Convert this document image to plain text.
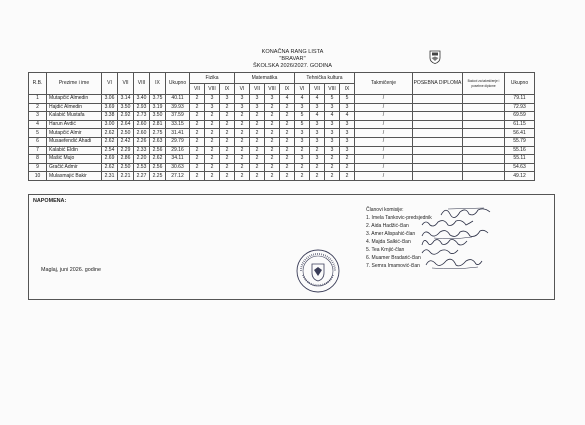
KONAČNA RANG LISTA
"BRAVAR"
ŠKOLSKA 2026/2027. GODINA
R.B.	Prezime i ime	VI	VII	VIII	IX	Ukupno	Fizika			Matematika				Tehnička kultura				Takmičenje	POSEBNA DIPLOMA	Bodovi za takmičenje i posebne diplome	Ukupno
							VII	VIII	IX	VI	VII	VIII	IX	VI	VII	VIII	IX				
1	Mutapčić Almedin	3.06	3.14	3.40	3.75	40.11	2	3	3	3	3	3	4	4	4	5	5	/			79.11
2	Hajdić Almedin	3.69	3.50	2.93	3.19	39.93	2	3	2	3	3	2	2	3	3	3	3	/			72.93
3	Kalabić Mustafa	3.38	2.92	2.73	3.50	37.59	2	2	2	2	2	2	2	5	4	4	4	/			69.59
4	Harun Avdić	3.00	2.64	2.60	2.81	33.15	2	2	2	2	2	2	2	5	3	3	3	/			61.15
5	Mutapčić Almir	2.62	2.50	2.60	2.75	31.41	2	2	2	2	2	2	2	3	3	3	3	/			56.41
6	Musaefendić Ahadi	2.62	2.42	2.26	2.63	29.79	2	2	2	2	2	2	2	3	3	3	3	/			55.79
7	Kalabić Eldin	2.54	2.29	2.33	2.56	29.16	2	2	2	2	2	2	2	2	2	3	3	/			55.16
8	Mašić Mujo	2.69	2.86	2.20	2.62	34.11	2	2	2	2	2	2	2	3	3	2	2	/			55.11
9	Gračić Admir	2.62	2.50	2.53	2.56	30.63	2	2	2	2	2	2	2	2	2	2	2	/			54.63
10	Mulasmajić Bakir	2.31	2.21	2.27	2.25	27.12	2	2	2	2	2	2	2	2	2	2	2	/			49.12
NAPOMENA:
Maglaj, juni 2026. godine
Članovi komisije:
1. Imela Tankovic-predsjednik
2. Aida Hadžić-član
3. Amer Alispahić-član
4. Majda Salkić-član
5. Tea Krnjić-član
6. Muamer Bradarić-član
7. Semra Imamović-član
